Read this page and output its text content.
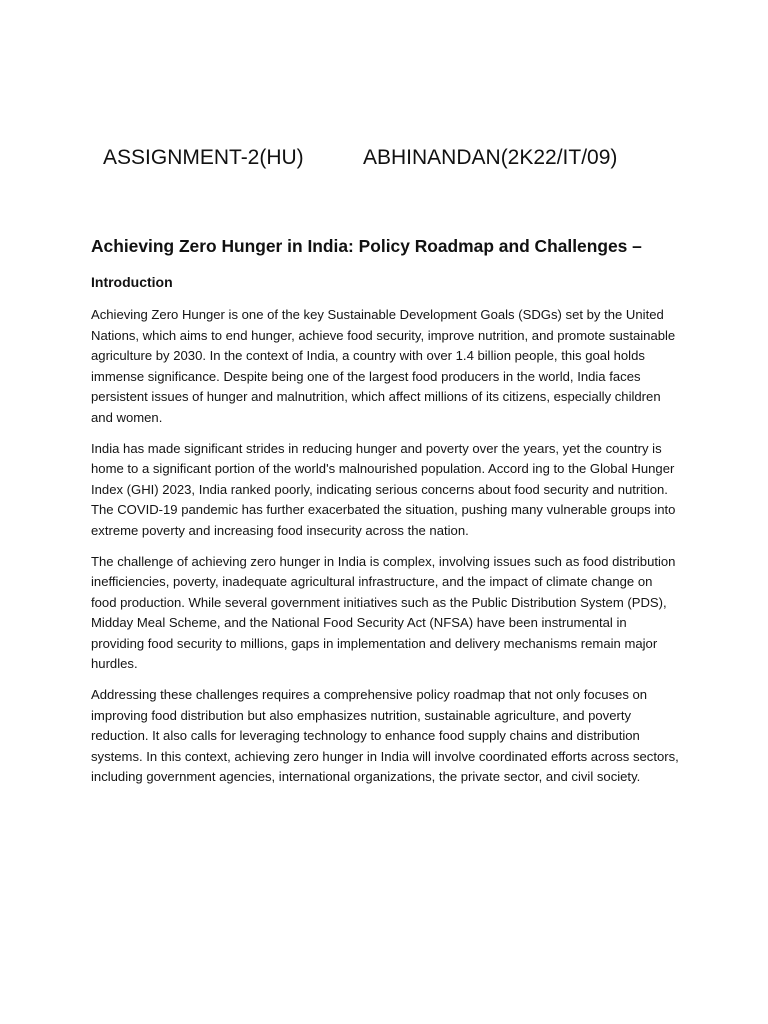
ASSIGNMENT-2(HU)	ABHINANDAN(2K22/IT/09)
Achieving Zero Hunger in India: Policy Roadmap and Challenges –
Introduction

Achieving Zero Hunger is one of the key Sustainable Development Goals (SDGs) set by the United Nations, which aims to end hunger, achieve food security, improve nutrition, and promote sustainable agriculture by 2030. In the context of India, a country with over 1.4 billion people, this goal holds immense significance. Despite being one of the largest food producers in the world, India faces persistent issues of hunger and malnutrition, which affect millions of its citizens, especially children and women.

India has made significant strides in reducing hunger and poverty over the years, yet the country is home to a significant portion of the world's malnourished population. Accord ing to the Global Hunger Index (GHI) 2023, India ranked poorly, indicating serious concerns about food security and nutrition. The COVID-19 pandemic has further exacerbated the situation, pushing many vulnerable groups into extreme poverty and increasing food insecurity across the nation.

The challenge of achieving zero hunger in India is complex, involving issues such as food distribution inefficiencies, poverty, inadequate agricultural infrastructure, and the impact of climate change on food production. While several government initiatives such as the Public Distribution System (PDS), Midday Meal Scheme, and the National Food Security Act (NFSA) have been instrumental in providing food security to millions, gaps in implementation and delivery mechanisms remain major hurdles.

Addressing these challenges requires a comprehensive policy roadmap that not only focuses on improving food distribution but also emphasizes nutrition, sustainable agriculture, and poverty reduction. It also calls for leveraging technology to enhance food supply chains and distribution systems. In this context, achieving zero hunger in India will involve coordinated efforts across sectors, including government agencies, international organizations, the private sector, and civil society.
